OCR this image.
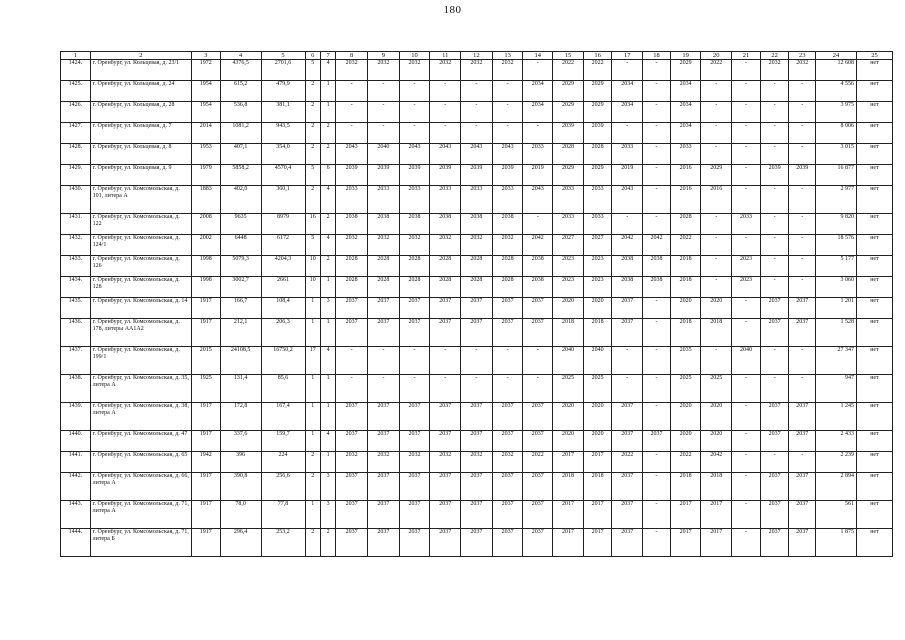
180
1	2	3	4	5	6	7	8	9	10	11	12	13	14	15	16	17	18	19	20	21	22	23	24	25
1424.	г. Оренбург, ул. Кольцевая, д. 23/1	1972	4376,5	2701,6	5	4	2032	2032	2032	2032	2032	2032	-	2022	2022	-	-	2029	2022	-	2032	2032	12 608	нет
1425.	г. Оренбург, ул. Кольцевая, д. 24	1954	615,2	479,9	2	1	-	-	-	-	-	-	2034	2029	2029	2034	-	2034	-	-	-	-	4 556	нет
1426.	г. Оренбург, ул. Кольцевая, д. 28	1954	536,8	381,1	2	1	-	-	-	-	-	-	2034	2029	2029	2034	-	2034	-	-	-	-	3 975	нет
1427.	г. Оренбург, ул. Кольцевая, д. 7	2014	1081,2	943,5	2	2	-	-	-	-	-	-	-	2039	2039	-	-	2034	-	-	-	-	8 006	нет
1428.	г. Оренбург, ул. Кольцевая, д. 8	1953	407,1	354,0	2	2	2043	2040	2043	2043	2043	2043	2033	2028	2028	2033	-	2033	-	-	-	-	3 015	нет
1429.	г. Оренбург, ул. Кольцевая, д. 9	1979	5858,2	4570,4	5	6	2039	2039	2039	2039	2039	2039	2019	2029	2029	2019	-	2016	2029	-	2039	2039	16 877	нет
1430.	г. Оренбург, ул. Комсомольская, д. 101, литера А	1883	402,0	360,1	2	4	2033	2033	2033	2033	2033	2033	2043	2033	2033	2043	-	2016	2016	-	-	-	2 977	нет
1431.	г. Оренбург, ул. Комсомольская, д. 122	2008	9635	8979	16	2	2038	2038	2038	2038	2038	2038	-	2033	2033	-	-	2028	-	2033	-	-	9 820	нет
1432.	г. Оренбург, ул. Комсомольская, д. 124/1	2002	6448	6172	5	4	2032	2032	2032	2032	2032	2032	2042	2027	2027	2042	2042	2022	-	-	-	-	18 576	нет
1433.	г. Оренбург, ул. Комсомольская, д. 126	1998	5079,3	4204,3	10	2	2028	2028	2028	2028	2028	2028	2038	2023	2023	2038	2038	2018	-	2023	-	-	5 177	нет
1434.	г. Оренбург, ул. Комсомольская, д. 128	1998	3002,7	2661	10	1	2028	2028	2028	2028	2028	2028	2038	2023	2023	2038	2038	2018	-	2023	-	-	3 060	нет
1435.	г. Оренбург, ул. Комсомольская, д. 14	1917	166,7	108,4	1	3	2037	2037	2037	2037	2037	2037	2037	2020	2020	2037	-	2020	2020	-	2037	2037	1 201	нет
1436.	г. Оренбург, ул. Комсомольская, д. 178, литеры АА1А2	1917	212,1	206,3	1	1	2037	2037	2037	2037	2037	2037	2037	2018	2018	2037	-	2018	2018	-	2037	2037	1 528	нет
1437.	г. Оренбург, ул. Комсомольская, д. 199/1	2015	24108,5	16750,2	17	4	-	-	-	-	-	-	-	2040	2040	-	-	2035	-	2040	-	-	27 347	нет
1438.	г. Оренбург, ул. Комсомольская, д. 35, литера А	1925	131,4	85,6	1	1	-	-	-	-	-	-	-	2025	2025	-	-	2025	2025	-	-	-	947	нет
1439.	г. Оренбург, ул. Комсомольская, д. 38, литера А	1917	172,8	167,4	1	1	2037	2037	2037	2037	2037	2037	2037	2020	2020	2037	-	2020	2020	-	2037	2037	1 245	нет
1440.	г. Оренбург, ул. Комсомольская, д. 47	1917	337,6	159,7	1	4	2037	2037	2037	2037	2037	2037	2037	2020	2020	2037	2037	2020	2020	-	2037	2037	2 433	нет
1441.	г. Оренбург, ул. Комсомольская, д. 65	1942	396	224	2	1	2032	2032	2032	2032	2032	2032	2022	2017	2017	2022	-	2022	2042	-	-	-	2 239	нет
1442.	г. Оренбург, ул. Комсомольская, д. 66, литера А	1917	390,8	256,6	2	3	2037	2037	2037	2037	2037	2037	2037	2018	2018	2037	-	2018	2018	-	2037	2037	2 894	нет
1443.	г. Оренбург, ул. Комсомольская, д. 71, литера А	1917	78,0	77,8	1	3	2037	2037	2037	2037	2037	2037	2037	2017	2017	2037	-	2017	2017	-	2037	2037	561	нет
1444.	г. Оренбург, ул. Комсомольская, д. 71, литера Б	1917	296,4	253,2	2	2	2037	2037	2037	2037	2037	2037	2037	2017	2017	2037	-	2017	2017	-	2037	2037	1 875	нет
